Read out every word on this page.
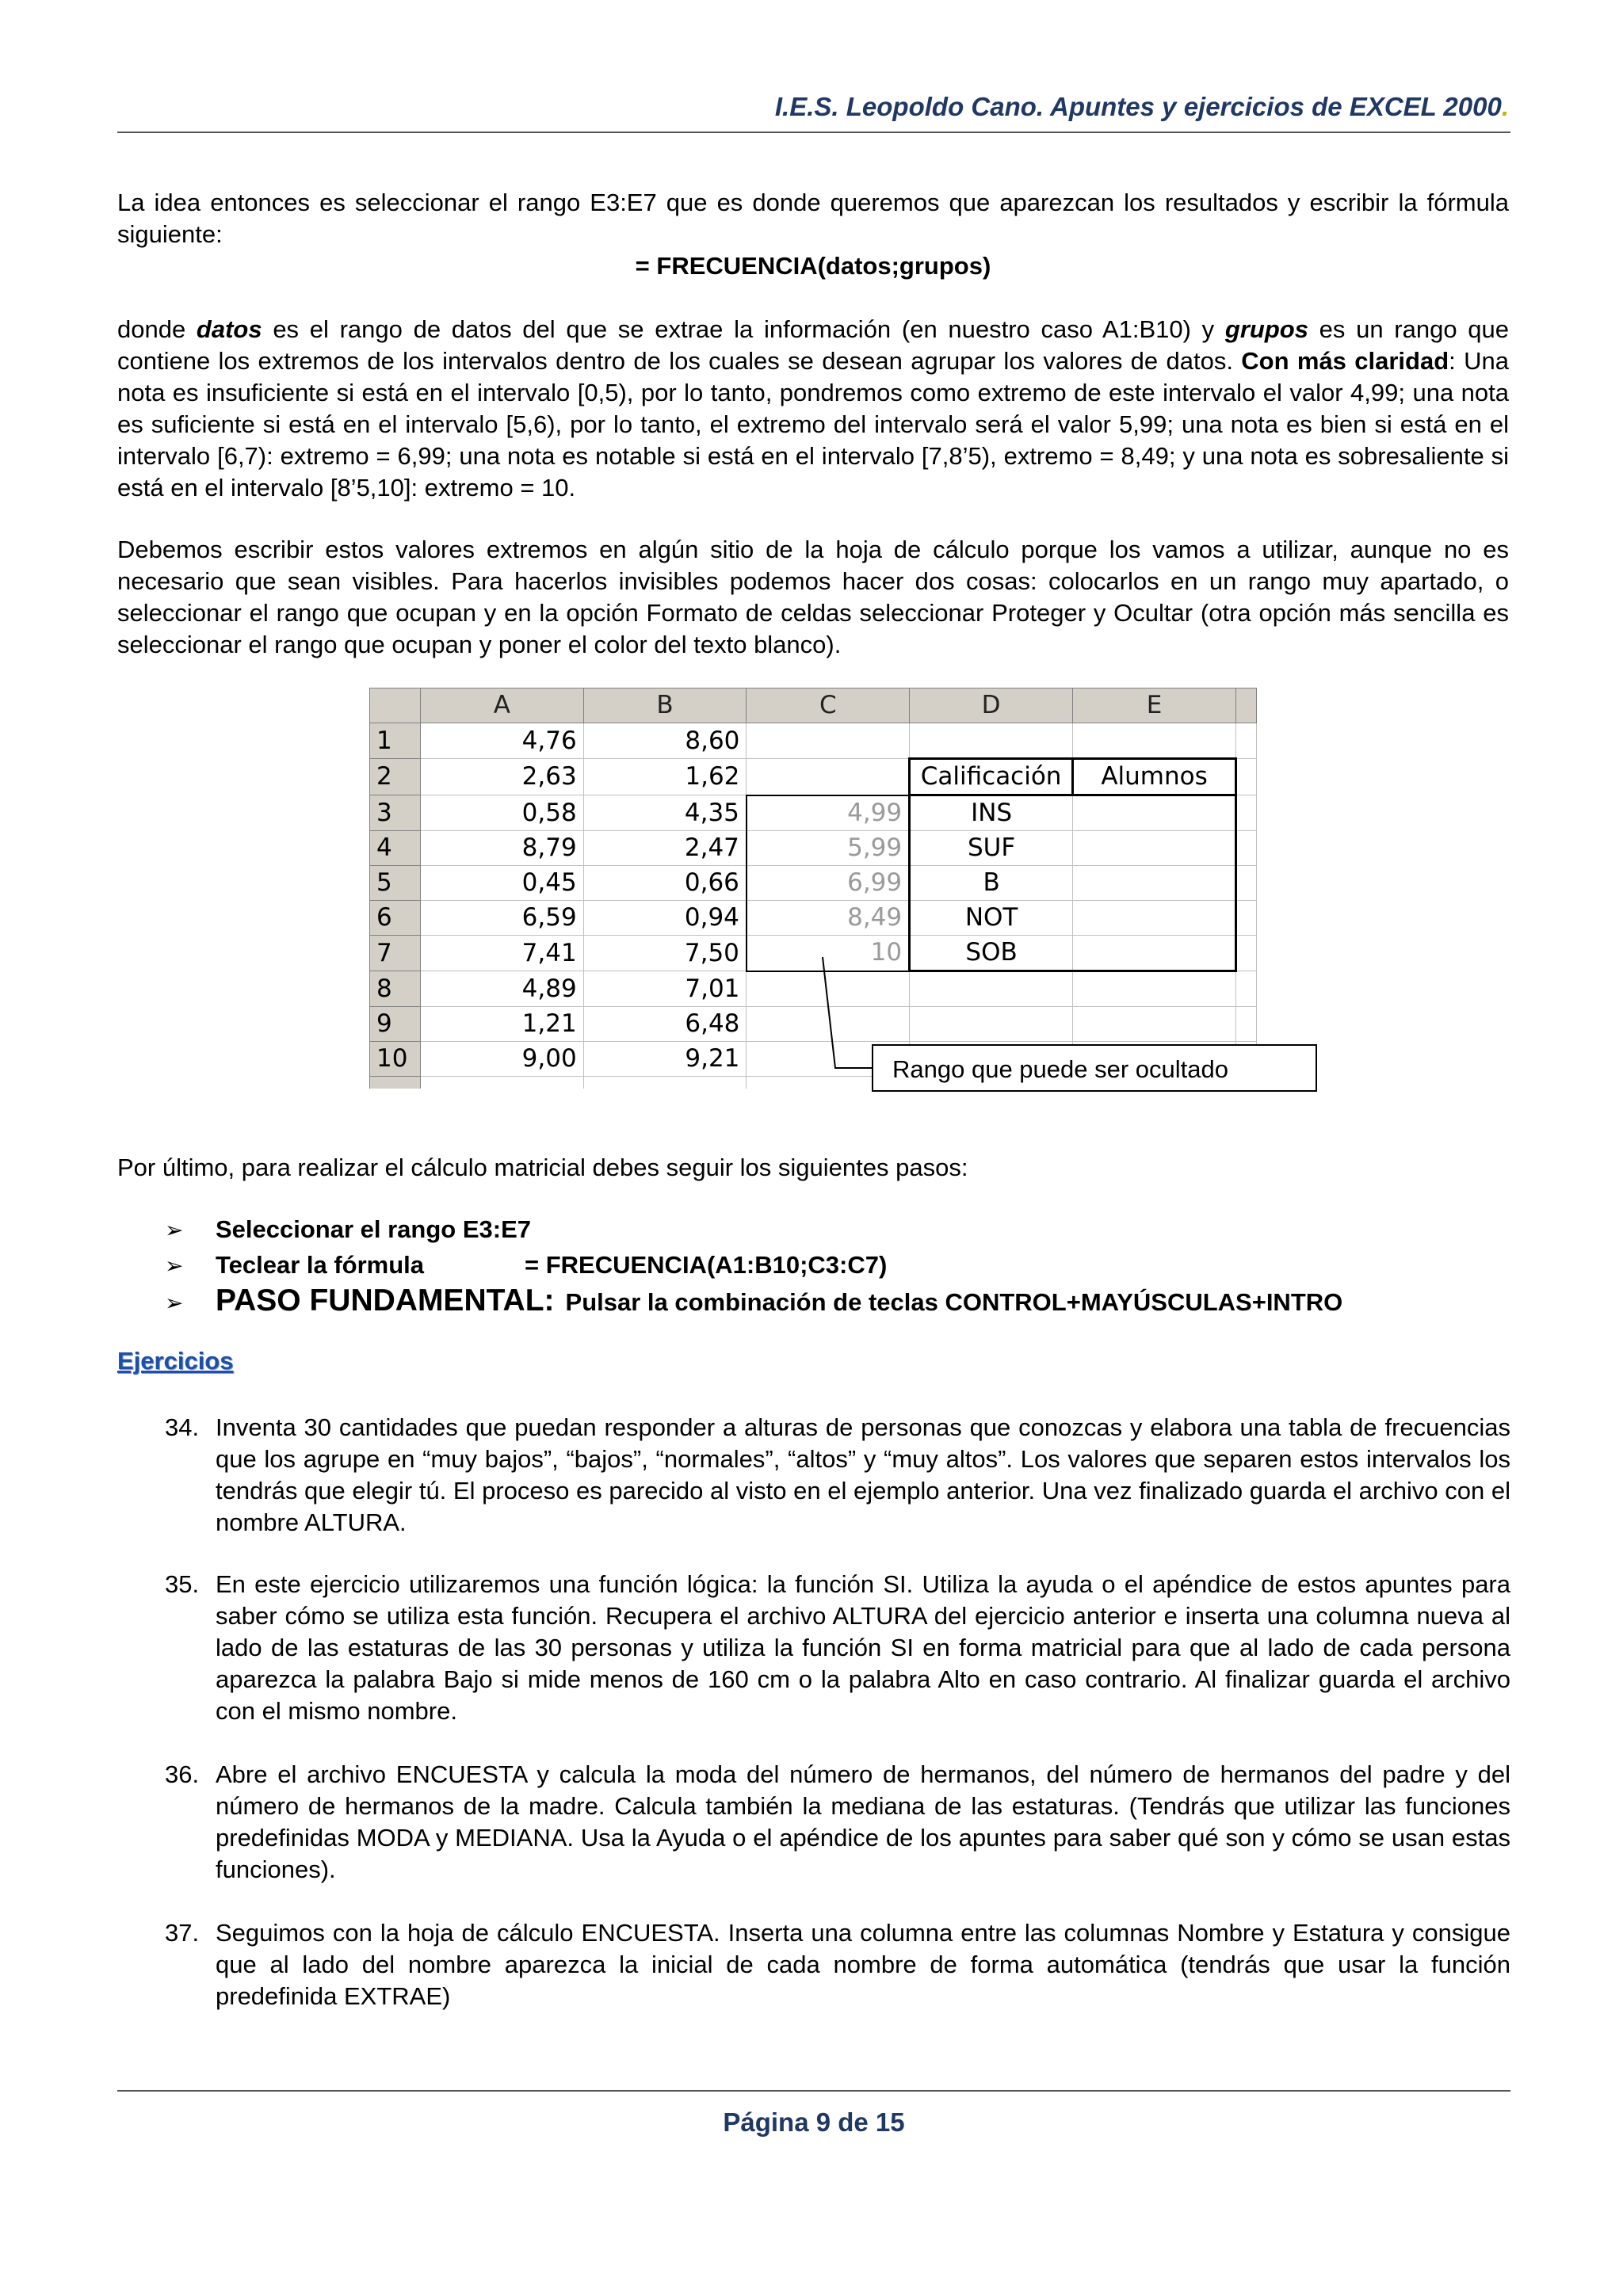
I.E.S. Leopoldo Cano. Apuntes y ejercicios de EXCEL 2000.
La idea entonces es seleccionar el rango E3:E7 que es donde queremos que aparezcan los resultados y escribir la fórmula siguiente:
= FRECUENCIA(datos;grupos)
donde datos es el rango de datos del que se extrae la información (en nuestro caso A1:B10) y grupos es un rango que contiene los extremos de los intervalos dentro de los cuales se desean agrupar los valores de datos. Con más claridad: Una nota es insuficiente si está en el intervalo [0,5), por lo tanto, pondremos como extremo de este intervalo el valor 4,99; una nota es suficiente si está en el intervalo [5,6), por lo tanto, el extremo del intervalo será el valor 5,99; una nota es bien si está en el intervalo [6,7): extremo = 6,99; una nota es notable si está en el intervalo [7,8’5), extremo = 8,49; y una nota es sobresaliente si está en el intervalo [8’5,10]: extremo = 10.
Debemos escribir estos valores extremos en algún sitio de la hoja de cálculo porque los vamos a utilizar, aunque no es necesario que sean visibles. Para hacerlos invisibles podemos hacer dos cosas: colocarlos en un rango muy apartado, o seleccionar el rango que ocupan y en la opción Formato de celdas seleccionar Proteger y Ocultar (otra opción más sencilla es seleccionar el rango que ocupan y poner el color del texto blanco).
	A	B	C	D	E	
1	4,76	8,60				
2	2,63	1,62		Calificación	Alumnos	
3	0,58	4,35	4,99	INS		
4	8,79	2,47	5,99	SUF		
5	0,45	0,66	6,99	B		
6	6,59	0,94	8,49	NOT		
7	7,41	7,50	10	SOB		
8	4,89	7,01				
9	1,21	6,48				
10	9,00	9,21				
							Rango que puede ser ocultado
Por último, para realizar el cálculo matricial debes seguir los siguientes pasos:
➢	Seleccionar el rango E3:E7
➢	Teclear la fórmula	= FRECUENCIA(A1:B10;C3:C7)
➢	PASO FUNDAMENTAL: Pulsar la combinación de teclas CONTROL+MAYÚSCULAS+INTRO
Ejercicios
34. Inventa 30 cantidades que puedan responder a alturas de personas que conozcas y elabora una tabla de frecuencias que los agrupe en “muy bajos”, “bajos”, “normales”, “altos” y “muy altos”. Los valores que separen estos intervalos los tendrás que elegir tú. El proceso es parecido al visto en el ejemplo anterior. Una vez finalizado guarda el archivo con el nombre ALTURA.
35. En este ejercicio utilizaremos una función lógica: la función SI. Utiliza la ayuda o el apéndice de estos apuntes para saber cómo se utiliza esta función. Recupera el archivo ALTURA del ejercicio anterior e inserta una columna nueva al lado de las estaturas de las 30 personas y utiliza la función SI en forma matricial para que al lado de cada persona aparezca la palabra Bajo si mide menos de 160 cm o la palabra Alto en caso contrario. Al finalizar guarda el archivo con el mismo nombre.
36. Abre el archivo ENCUESTA y calcula la moda del número de hermanos, del número de hermanos del padre y del número de hermanos de la madre. Calcula también la mediana de las estaturas. (Tendrás que utilizar las funciones predefinidas MODA y MEDIANA. Usa la Ayuda o el apéndice de los apuntes para saber qué son y cómo se usan estas funciones).
37. Seguimos con la hoja de cálculo ENCUESTA. Inserta una columna entre las columnas Nombre y Estatura y consigue que al lado del nombre aparezca la inicial de cada nombre de forma automática (tendrás que usar la función predefinida EXTRAE)
Página 9 de 15
